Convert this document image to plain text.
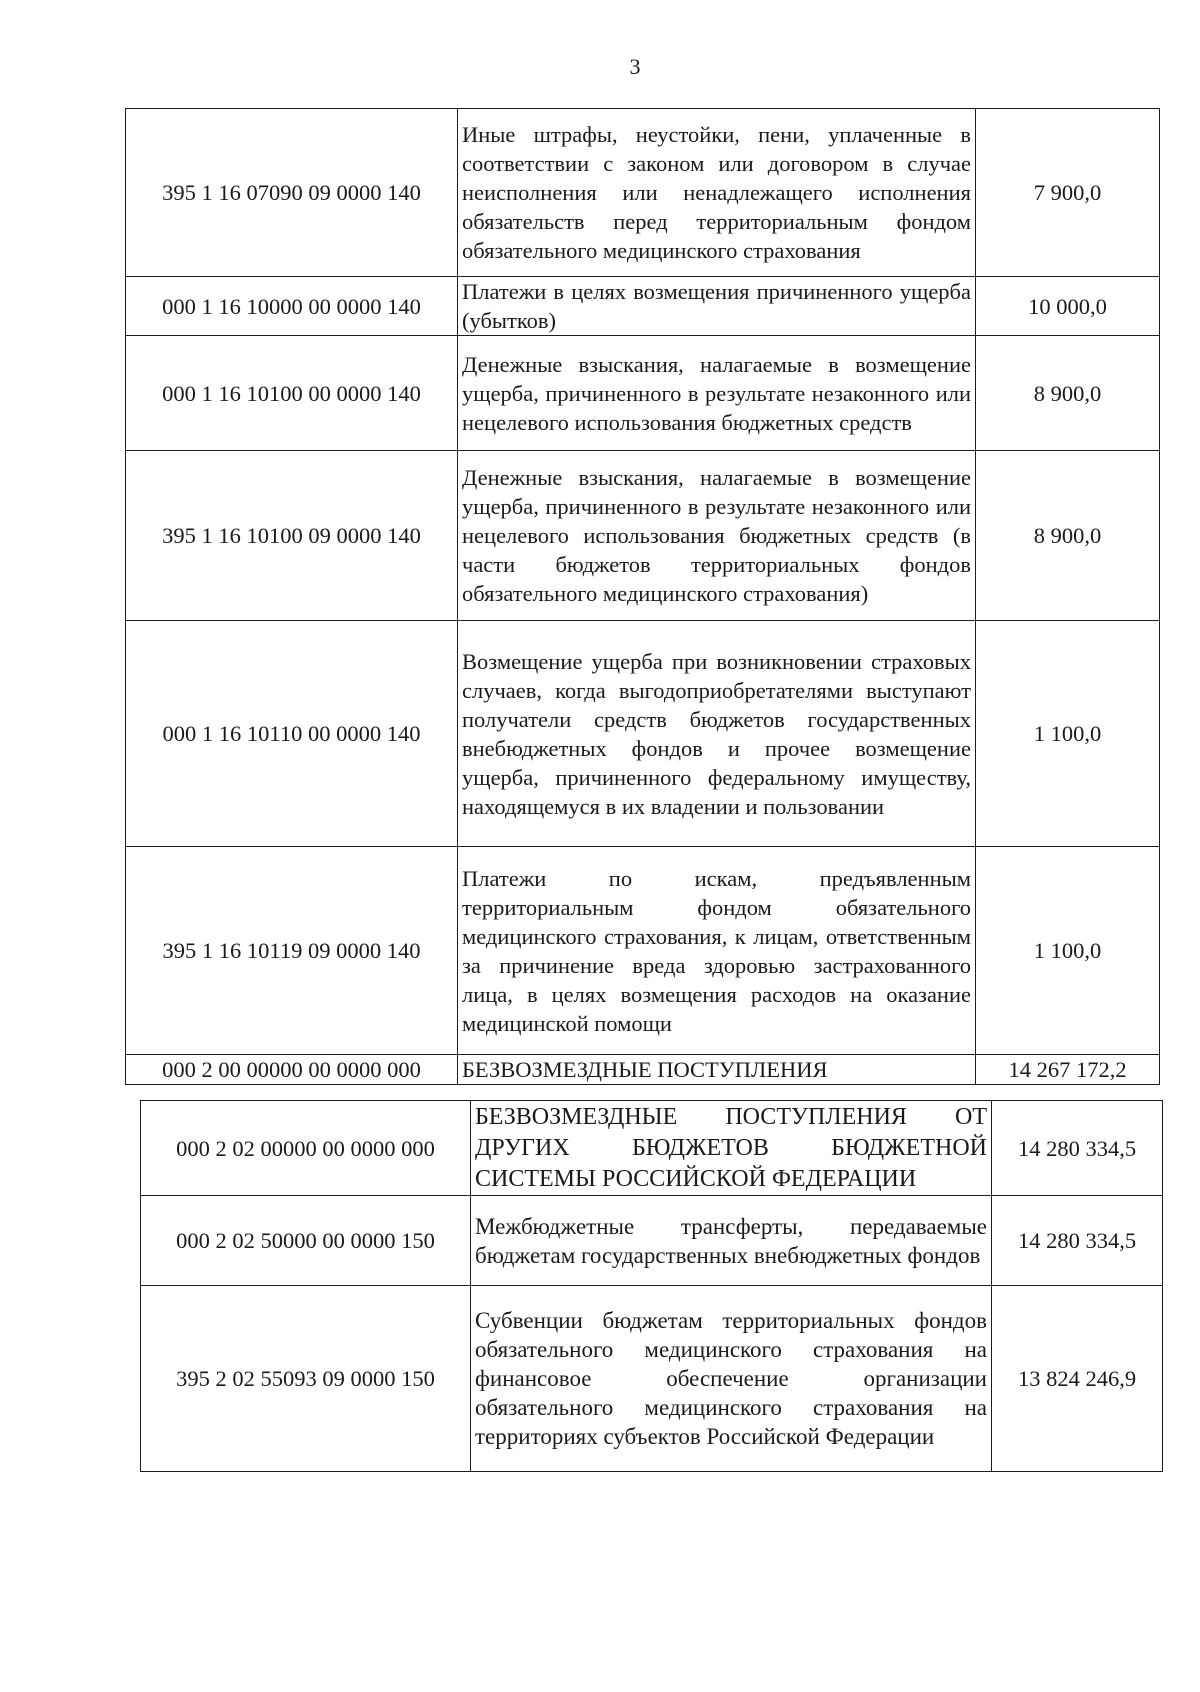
3
395 1 16 07090 09 0000 140	Иные штрафы, неустойки, пени, уплаченные в соответствии с законом или договором в случае неисполнения или ненадлежащего исполнения обязательств перед территориальным фондом обязательного медицинского страхования	7 900,0
000 1 16 10000 00 0000 140	Платежи в целях возмещения причиненного ущерба (убытков)	10 000,0
000 1 16 10100 00 0000 140	Денежные взыскания, налагаемые в возмещение ущерба, причиненного в результате незаконного или нецелевого использования бюджетных средств	8 900,0
395 1 16 10100 09 0000 140	Денежные взыскания, налагаемые в возмещение ущерба, причиненного в результате незаконного или нецелевого использования бюджетных средств (в части бюджетов территориальных фондов обязательного медицинского страхования)	8 900,0
000 1 16 10110 00 0000 140	Возмещение ущерба при возникновении страховых случаев, когда выгодоприобретателями выступают получатели средств бюджетов государственных внебюджетных фондов и прочее возмещение ущерба, причиненного федеральному имуществу, находящемуся в их владении и пользовании	1 100,0
395 1 16 10119 09 0000 140	Платежи по искам, предъявленным территориальным фондом обязательного медицинского страхования, к лицам, ответственным за причинение вреда здоровью застрахованного лица, в целях возмещения расходов на оказание медицинской помощи	1 100,0
000 2 00 00000 00 0000 000	БЕЗВОЗМЕЗДНЫЕ ПОСТУПЛЕНИЯ	14 267 172,2
000 2 02 00000 00 0000 000	БЕЗВОЗМЕЗДНЫЕ ПОСТУПЛЕНИЯ ОТ ДРУГИХ БЮДЖЕТОВ БЮДЖЕТНОЙ СИСТЕМЫ РОССИЙСКОЙ ФЕДЕРАЦИИ	14 280 334,5
000 2 02 50000 00 0000 150	Межбюджетные трансферты, передаваемые бюджетам государственных внебюджетных фондов	14 280 334,5
395 2 02 55093 09 0000 150	Субвенции бюджетам территориальных фондов обязательного медицинского страхования на финансовое обеспечение организации обязательного медицинского страхования на территориях субъектов Российской Федерации	13 824 246,9
